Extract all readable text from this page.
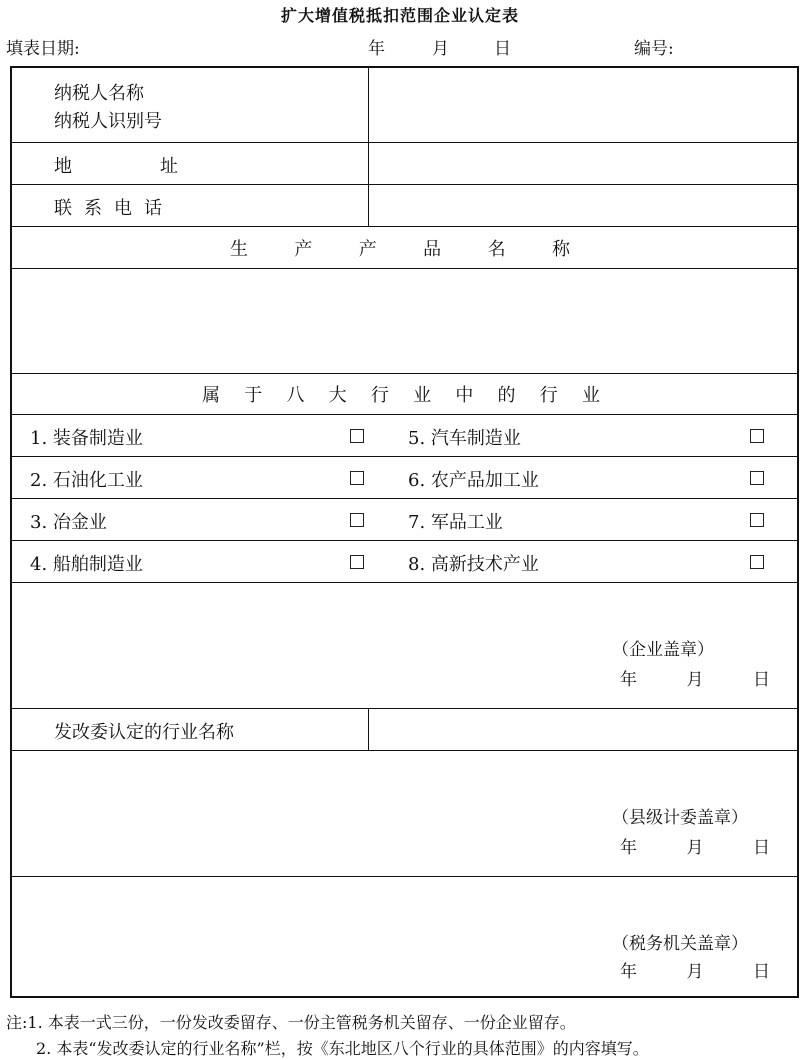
扩大增值税抵扣范围企业认定表
填表日期:	年	月	日	编号:
纳税人名称
纳税人识别号
地	址
联系电话
生	产	产	品	名	称
属 于 八 大 行 业 中 的 行 业
1. 装备制造业	5. 汽车制造业
2. 石油化工业	6. 农产品加工业
3. 冶金业	7. 军品工业
4. 船舶制造业	8. 高新技术产业
（企业盖章）
年	月	日
发改委认定的行业名称
（县级计委盖章）
年	月	日
（税务机关盖章）
年	月	日
注:1. 本表一式三份，一份发改委留存、一份主管税务机关留存、一份企业留存。
2. 本表“发改委认定的行业名称”栏，按《东北地区八个行业的具体范围》的内容填写。
